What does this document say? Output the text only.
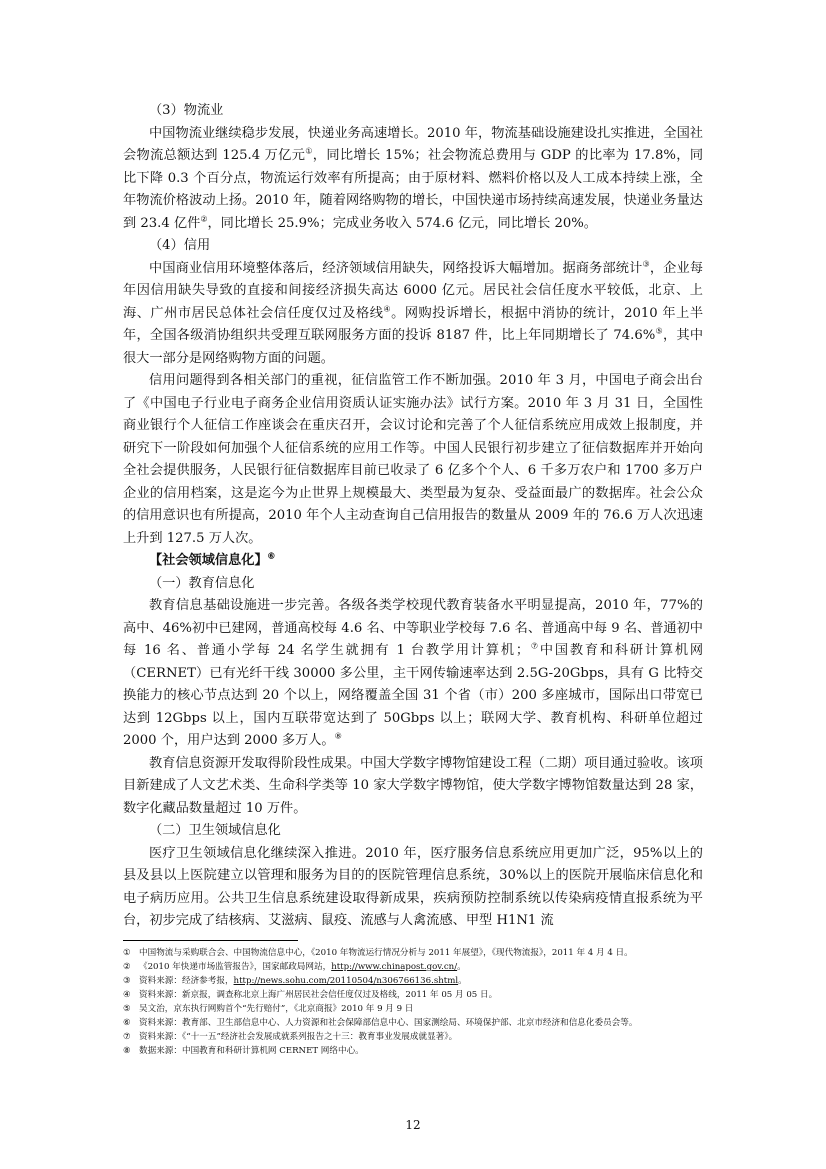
（3）物流业

中国物流业继续稳步发展，快递业务高速增长。2010 年，物流基础设施建设扎实推进，全国社会物流总额达到 125.4 万亿元①，同比增长 15%；社会物流总费用与 GDP 的比率为 17.8%，同比下降 0.3 个百分点，物流运行效率有所提高；由于原材料、燃料价格以及人工成本持续上涨，全年物流价格波动上扬。2010 年，随着网络购物的增长，中国快递市场持续高速发展，快递业务量达到 23.4 亿件②，同比增长 25.9%；完成业务收入 574.6 亿元，同比增长 20%。

（4）信用

中国商业信用环境整体落后，经济领域信用缺失，网络投诉大幅增加。据商务部统计③，企业每年因信用缺失导致的直接和间接经济损失高达 6000 亿元。居民社会信任度水平较低，北京、上海、广州市居民总体社会信任度仅过及格线④。网购投诉增长，根据中消协的统计，2010 年上半年，全国各级消协组织共受理互联网服务方面的投诉 8187 件，比上年同期增长了 74.6%⑤，其中很大一部分是网络购物方面的问题。

信用问题得到各相关部门的重视，征信监管工作不断加强。2010 年 3 月，中国电子商会出台了《中国电子行业电子商务企业信用资质认证实施办法》试行方案。2010 年 3 月 31 日，全国性商业银行个人征信工作座谈会在重庆召开，会议讨论和完善了个人征信系统应用成效上报制度，并研究下一阶段如何加强个人征信系统的应用工作等。中国人民银行初步建立了征信数据库并开始向全社会提供服务，人民银行征信数据库目前已收录了 6 亿多个个人、6 千多万农户和 1700 多万户企业的信用档案，这是迄今为止世界上规模最大、类型最为复杂、受益面最广的数据库。社会公众的信用意识也有所提高，2010 年个人主动查询自己信用报告的数量从 2009 年的 76.6 万人次迅速上升到 127.5 万人次。

【社会领域信息化】⑥

（一）教育信息化

教育信息基础设施进一步完善。各级各类学校现代教育装备水平明显提高，2010 年，77%的高中、46%初中已建网，普通高校每 4.6 名、中等职业学校每 7.6 名、普通高中每 9 名、普通初中每 16 名、普通小学每 24 名学生就拥有 1 台教学用计算机；⑦中国教育和科研计算机网（CERNET）已有光纤干线 30000 多公里，主干网传输速率达到 2.5G-20Gbps，具有 G 比特交换能力的核心节点达到 20 个以上，网络覆盖全国 31 个省（市）200 多座城市，国际出口带宽已达到 12Gbps 以上，国内互联带宽达到了 50Gbps 以上；联网大学、教育机构、科研单位超过 2000 个，用户达到 2000 多万人。⑧

教育信息资源开发取得阶段性成果。中国大学数字博物馆建设工程（二期）项目通过验收。该项目新建成了人文艺术类、生命科学类等 10 家大学数字博物馆，使大学数字博物馆数量达到 28 家，数字化藏品数量超过 10 万件。

（二）卫生领域信息化

医疗卫生领域信息化继续深入推进。2010 年，医疗服务信息系统应用更加广泛，95%以上的县及县以上医院建立以管理和服务为目的的医院管理信息系统，30%以上的医院开展临床信息化和电子病历应用。公共卫生信息系统建设取得新成果，疾病预防控制系统以传染病疫情直报系统为平台，初步完成了结核病、艾滋病、鼠疫、流感与人禽流感、甲型 H1N1 流

① 中国物流与采购联合会、中国物流信息中心，《2010 年物流运行情况分析与 2011 年展望》，《现代物流报》，2011 年 4 月 4 日。

② 《2010 年快递市场监管报告》，国家邮政局网站，http://www.chinapost.gov.cn/。

③ 资料来源：经济参考报，http://news.sohu.com/20110504/n306766136.shtml。

④ 资料来源：新京报，调查称北京上海广州居民社会信任度仅过及格线，2011 年 05 月 05 日。

⑤ 吴文治，京东执行网购首个“先行赔付”，《北京商报》2010 年 9 月 9 日

⑥ 资料来源：教育部、卫生部信息中心、人力资源和社会保障部信息中心、国家测绘局、环境保护部、北京市经济和信息化委员会等。

⑦ 资料来源：《“十一五”经济社会发展成就系列报告之十三：教育事业发展成就显著》。

⑧ 数据来源：中国教育和科研计算机网 CERNET 网络中心。

12
